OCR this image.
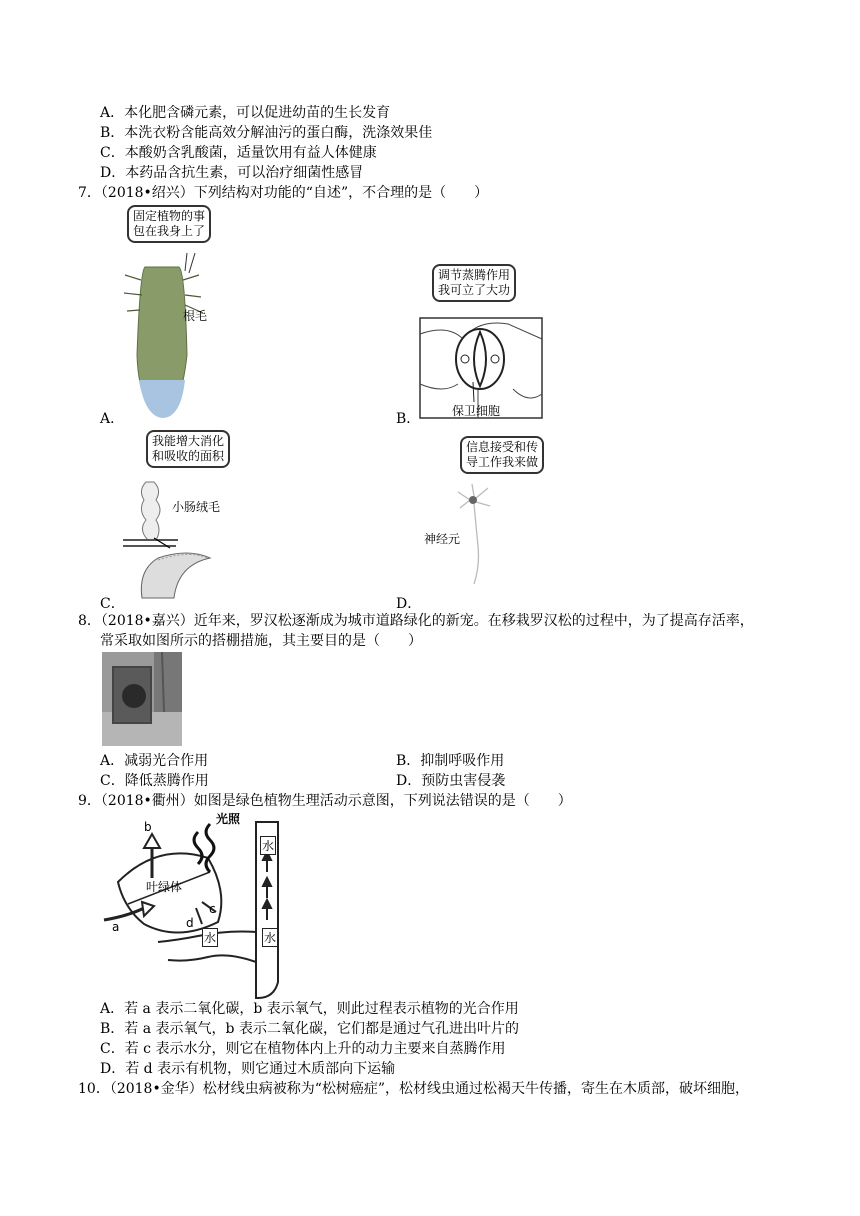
A．本化肥含磷元素，可以促进幼苗的生长发育
B．本洗衣粉含能高效分解油污的蛋白酶，洗涤效果佳
C．本酸奶含乳酸菌，适量饮用有益人体健康
D．本药品含抗生素，可以治疗细菌性感冒
7．（2018•绍兴）下列结构对功能的“自述”，不合理的是（　　）
固定植物的事
包在我身上了
根毛
A．
调节蒸腾作用
我可立了大功
保卫细胞
B．
我能增大消化
和吸收的面积
小肠绒毛
C．
信息接受和传
导工作我来做
神经元
D．
8．（2018•嘉兴）近年来，罗汉松逐渐成为城市道路绿化的新宠。在移栽罗汉松的过程中，为了提高存活率，
常采取如图所示的搭棚措施，其主要目的是（　　）
A．减弱光合作用	B．抑制呼吸作用
C．降低蒸腾作用	D．预防虫害侵袭
9．（2018•衢州）如图是绿色植物生理活动示意图，下列说法错误的是（　　）
光照
b
叶绿体
水
c
d
水	水
a
A．若 a 表示二氧化碳，b 表示氧气，则此过程表示植物的光合作用
B．若 a 表示氧气，b 表示二氧化碳，它们都是通过气孔进出叶片的
C．若 c 表示水分，则它在植物体内上升的动力主要来自蒸腾作用
D．若 d 表示有机物，则它通过木质部向下运输
10．（2018•金华）松材线虫病被称为“松树癌症”，松材线虫通过松褐天牛传播，寄生在木质部，破坏细胞，
